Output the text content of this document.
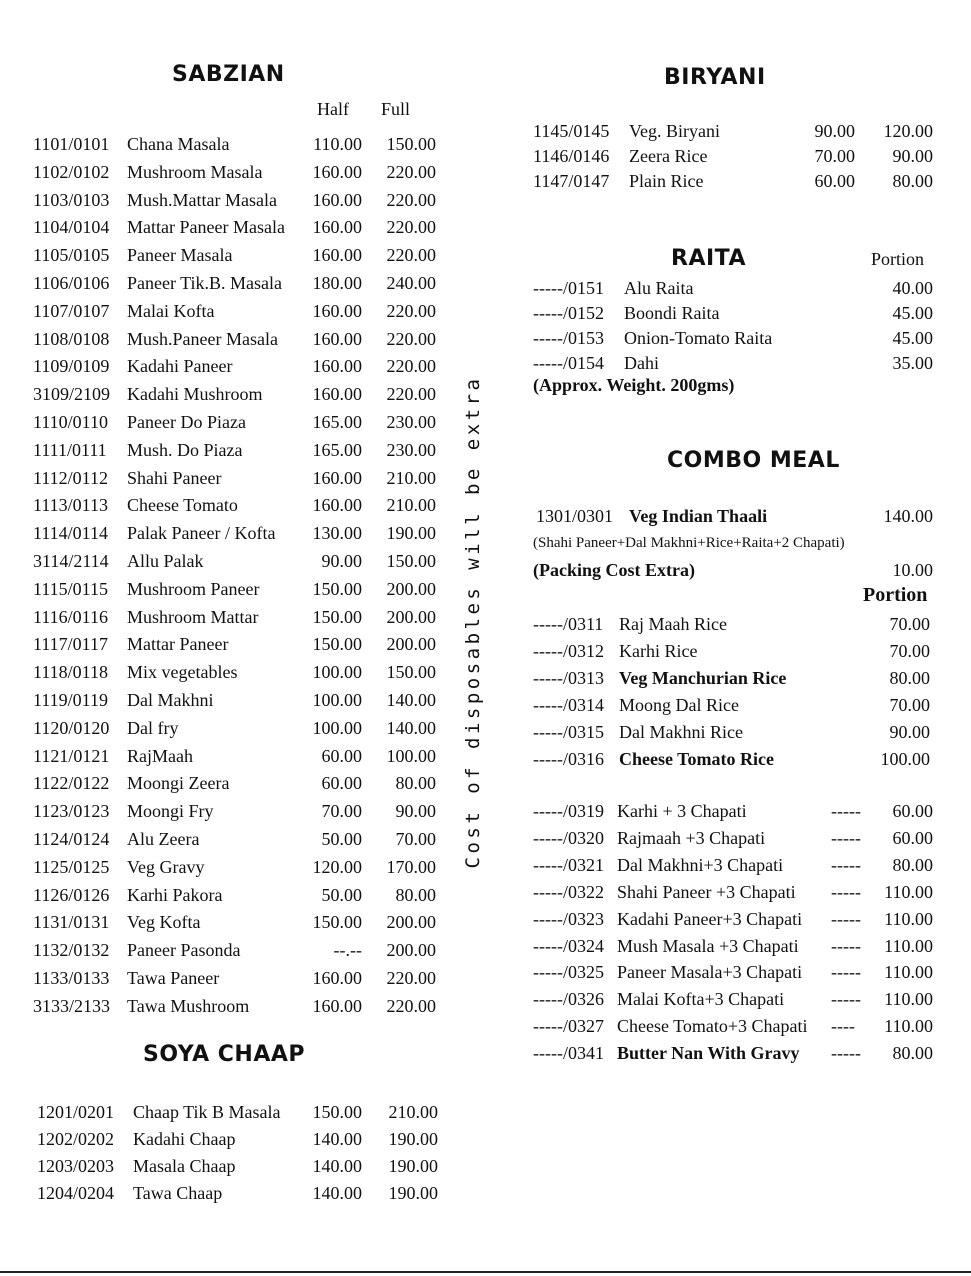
SABZIAN
Half Full
1101/0101 Chana Masala	110.00	150.00
1102/0102 Mushroom Masala	160.00	220.00
1103/0103 Mush.Mattar Masala	160.00	220.00
1104/0104 Mattar Paneer Masala	160.00	220.00
1105/0105 Paneer Masala	160.00	220.00
1106/0106 Paneer Tik.B. Masala	180.00	240.00
1107/0107 Malai Kofta	160.00	220.00
1108/0108 Mush.Paneer Masala	160.00	220.00
1109/0109 Kadahi Paneer	160.00	220.00
3109/2109 Kadahi Mushroom	160.00	220.00
1110/0110 Paneer Do Piaza	165.00	230.00
1111/0111 Mush. Do Piaza	165.00	230.00
1112/0112 Shahi Paneer	160.00	210.00
1113/0113 Cheese Tomato	160.00	210.00
1114/0114 Palak Paneer / Kofta	130.00	190.00
3114/2114 Allu Palak	90.00	150.00
1115/0115 Mushroom Paneer	150.00	200.00
1116/0116 Mushroom Mattar	150.00	200.00
1117/0117 Mattar Paneer	150.00	200.00
1118/0118 Mix vegetables	100.00	150.00
1119/0119 Dal Makhni	100.00	140.00
1120/0120 Dal fry	100.00	140.00
1121/0121 RajMaah	60.00	100.00
1122/0122 Moongi Zeera	60.00	80.00
1123/0123 Moongi Fry	70.00	90.00
1124/0124 Alu Zeera	50.00	70.00
1125/0125 Veg Gravy	120.00	170.00
1126/0126 Karhi Pakora	50.00	80.00
1131/0131 Veg Kofta	150.00	200.00
1132/0132 Paneer Pasonda	--.--	200.00
1133/0133 Tawa Paneer	160.00	220.00
3133/2133 Tawa Mushroom	160.00	220.00
SOYA CHAAP
1201/0201 Chaap Tik B Masala	150.00	210.00
1202/0202 Kadahi Chaap	140.00	190.00
1203/0203 Masala Chaap	140.00	190.00
1204/0204 Tawa Chaap	140.00	190.00
Cost of disposables will be extra
BIRYANI
1145/0145 Veg. Biryani	90.00	120.00
1146/0146 Zeera Rice	70.00	90.00
1147/0147 Plain Rice	60.00	80.00
RAITA	Portion
-----/0151 Alu Raita	40.00
-----/0152 Boondi Raita	45.00
-----/0153 Onion-Tomato Raita	45.00
-----/0154 Dahi	35.00
(Approx. Weight. 200gms)
COMBO MEAL
1301/0301 Veg Indian Thaali	140.00
(Shahi Paneer+Dal Makhni+Rice+Raita+2 Chapati)
(Packing Cost Extra)	10.00
Portion
-----/0311 Raj Maah Rice	70.00
-----/0312 Karhi Rice	70.00
-----/0313 Veg Manchurian Rice	80.00
-----/0314 Moong Dal Rice	70.00
-----/0315 Dal Makhni Rice	90.00
-----/0316 Cheese Tomato Rice	100.00
-----/0319 Karhi + 3 Chapati	-----	60.00
-----/0320 Rajmaah +3 Chapati	-----	60.00
-----/0321 Dal Makhni+3 Chapati	-----	80.00
-----/0322 Shahi Paneer +3 Chapati -----	110.00
-----/0323 Kadahi Paneer+3 Chapati -----	110.00
-----/0324 Mush Masala +3 Chapati -----	110.00
-----/0325 Paneer Masala+3 Chapati -----	110.00
-----/0326 Malai Kofta+3 Chapati	-----	110.00
-----/0327 Cheese Tomato+3 Chapati ----	110.00
-----/0341 Butter Nan With Gravy -----	80.00
